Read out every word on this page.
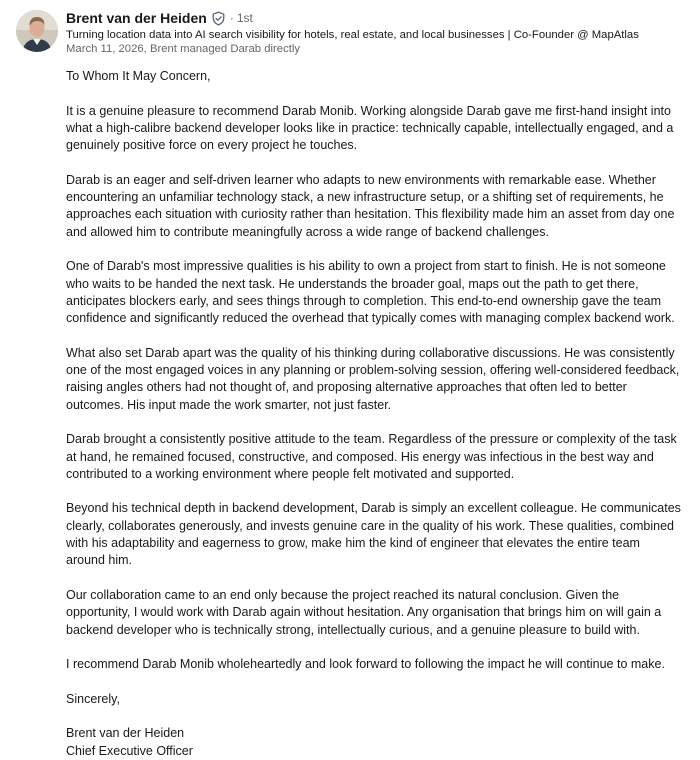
Brent van der Heiden · 1st
Turning location data into AI search visibility for hotels, real estate, and local businesses | Co-Founder @ MapAtlas
March 11, 2026, Brent managed Darab directly

To Whom It May Concern,

It is a genuine pleasure to recommend Darab Monib. Working alongside Darab gave me first-hand insight into what a high-calibre backend developer looks like in practice: technically capable, intellectually engaged, and a genuinely positive force on every project he touches.

Darab is an eager and self-driven learner who adapts to new environments with remarkable ease. Whether encountering an unfamiliar technology stack, a new infrastructure setup, or a shifting set of requirements, he approaches each situation with curiosity rather than hesitation. This flexibility made him an asset from day one and allowed him to contribute meaningfully across a wide range of backend challenges.

One of Darab's most impressive qualities is his ability to own a project from start to finish. He is not someone who waits to be handed the next task. He understands the broader goal, maps out the path to get there, anticipates blockers early, and sees things through to completion. This end-to-end ownership gave the team confidence and significantly reduced the overhead that typically comes with managing complex backend work.

What also set Darab apart was the quality of his thinking during collaborative discussions. He was consistently one of the most engaged voices in any planning or problem-solving session, offering well-considered feedback, raising angles others had not thought of, and proposing alternative approaches that often led to better outcomes. His input made the work smarter, not just faster.

Darab brought a consistently positive attitude to the team. Regardless of the pressure or complexity of the task at hand, he remained focused, constructive, and composed. His energy was infectious in the best way and contributed to a working environment where people felt motivated and supported.

Beyond his technical depth in backend development, Darab is simply an excellent colleague. He communicates clearly, collaborates generously, and invests genuine care in the quality of his work. These qualities, combined with his adaptability and eagerness to grow, make him the kind of engineer that elevates the entire team around him.

Our collaboration came to an end only because the project reached its natural conclusion. Given the opportunity, I would work with Darab again without hesitation. Any organisation that brings him on will gain a backend developer who is technically strong, intellectually curious, and a genuine pleasure to build with.

I recommend Darab Monib wholeheartedly and look forward to following the impact he will continue to make.

Sincerely,

Brent van der Heiden

Chief Executive Officer
